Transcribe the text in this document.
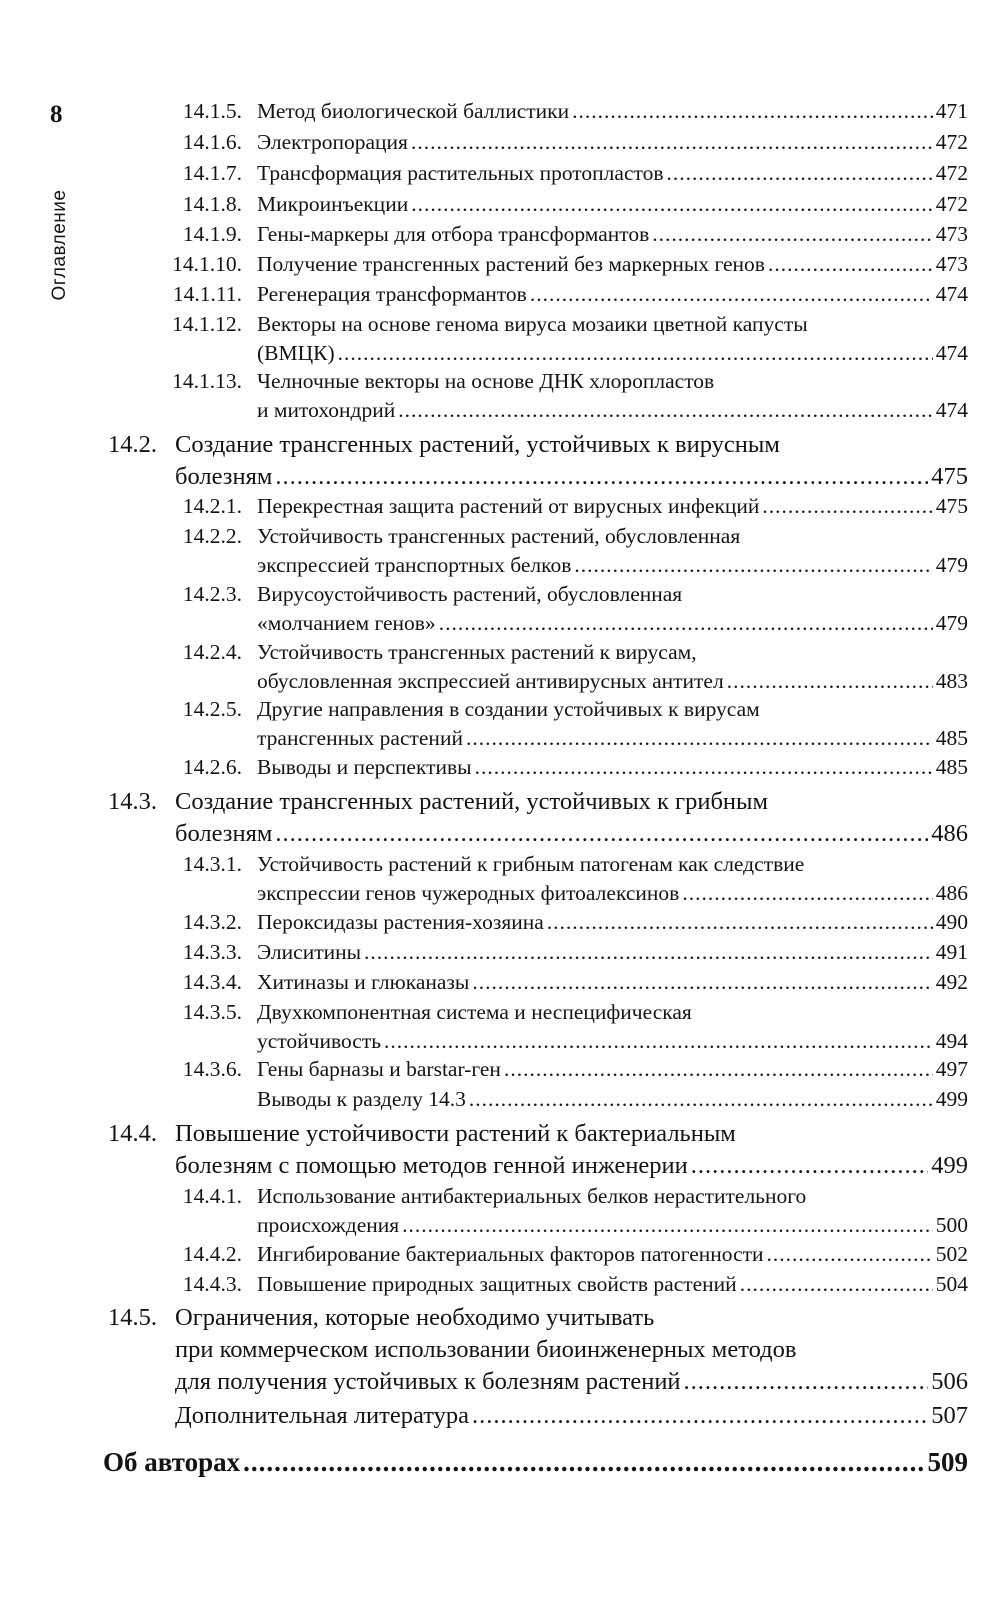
8
Оглавление
14.1.5. Метод биологической баллистики .....	471
14.1.6. Электропорация .....	472
14.1.7. Трансформация растительных протопластов .....	472
14.1.8. Микроинъекции .....	472
14.1.9. Гены-маркеры для отбора трансформантов .....	473
14.1.10. Получение трансгенных растений без маркерных генов .....	473
14.1.11. Регенерация трансформантов .....	474
14.1.12. Векторы на основе генома вируса мозаики цветной капусты
(ВМЦК) .....	474
14.1.13. Челночные векторы на основе ДНК хлоропластов
и митохондрий .....	474
14.2. Создание трансгенных растений, устойчивых к вирусным
болезням .....	475
14.2.1. Перекрестная защита растений от вирусных инфекций .....	475
14.2.2. Устойчивость трансгенных растений, обусловленная
экспрессией транспортных белков .....	479
14.2.3. Вирусоустойчивость растений, обусловленная
«молчанием генов» .....	479
14.2.4. Устойчивость трансгенных растений к вирусам,
обусловленная экспрессией антивирусных антител .....	483
14.2.5. Другие направления в создании устойчивых к вирусам
трансгенных растений .....	485
14.2.6. Выводы и перспективы .....	485
14.3. Создание трансгенных растений, устойчивых к грибным
болезням .....	486
14.3.1. Устойчивость растений к грибным патогенам как следствие
экспрессии генов чужеродных фитоалексинов .....	486
14.3.2. Пероксидазы растения-хозяина .....	490
14.3.3. Элиситины .....	491
14.3.4. Хитиназы и глюканазы .....	492
14.3.5. Двухкомпонентная система и неспецифическая
устойчивость .....	494
14.3.6. Гены барназы и barstar-ген .....	497
Выводы к разделу 14.3 .....	499
14.4. Повышение устойчивости растений к бактериальным
болезням с помощью методов генной инженерии .....	499
14.4.1. Использование антибактериальных белков нерастительного
происхождения .....	500
14.4.2. Ингибирование бактериальных факторов патогенности .....	502
14.4.3. Повышение природных защитных свойств растений .....	504
14.5. Ограничения, которые необходимо учитывать
при коммерческом использовании биоинженерных методов
для получения устойчивых к болезням растений .....	506
Дополнительная литература .....	507
Об авторах .....	509
